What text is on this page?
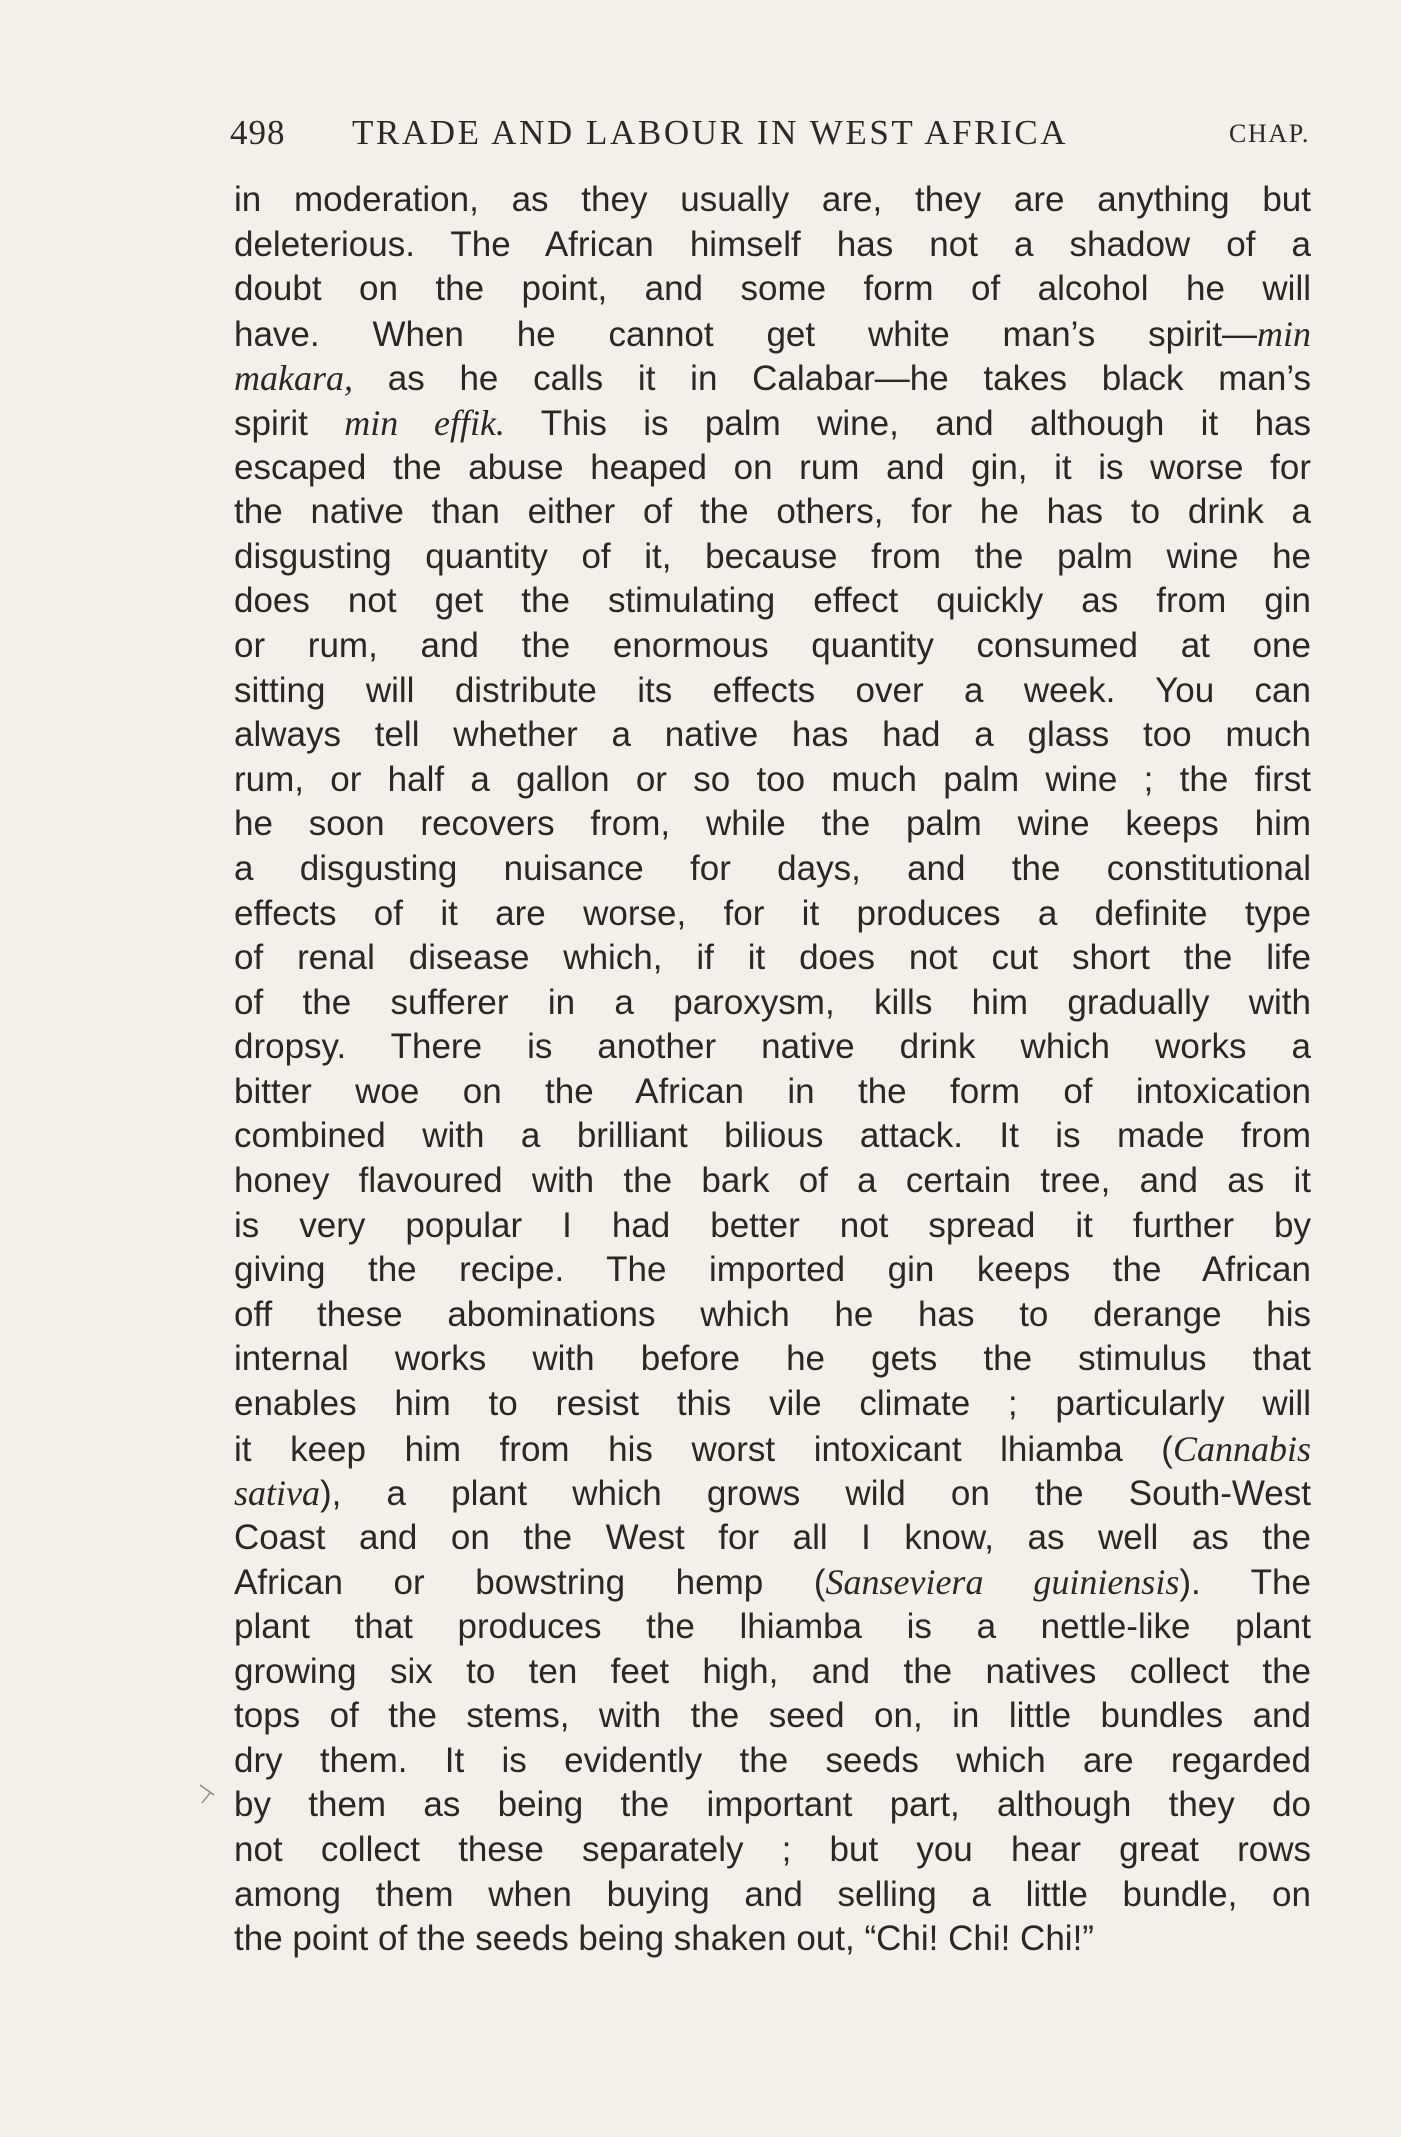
498 TRADE AND LABOUR IN WEST AFRICA	CHAP.
in moderation, as they usually are, they are anything but
deleterious. The African himself has not a shadow of a
doubt on the point, and some form of alcohol he will
have. When he cannot get white man’s spirit—min
makara, as he calls it in Calabar—he takes black man’s
spirit min effik. This is palm wine, and although it has
escaped the abuse heaped on rum and gin, it is worse for
the native than either of the others, for he has to drink a
disgusting quantity of it, because from the palm wine he
does not get the stimulating effect quickly as from gin
or rum, and the enormous quantity consumed at one
sitting will distribute its effects over a week. You can
always tell whether a native has had a glass too much
rum, or half a gallon or so too much palm wine ; the first
he soon recovers from, while the palm wine keeps him
a disgusting nuisance for days, and the constitutional
effects of it are worse, for it produces a definite type
of renal disease which, if it does not cut short the life
of the sufferer in a paroxysm, kills him gradually with
dropsy. There is another native drink which works a
bitter woe on the African in the form of intoxication
combined with a brilliant bilious attack. It is made from
honey flavoured with the bark of a certain tree, and as it
is very popular I had better not spread it further by
giving the recipe. The imported gin keeps the African
off these abominations which he has to derange his
internal works with before he gets the stimulus that
enables him to resist this vile climate ; particularly will
it keep him from his worst intoxicant lhiamba (Cannabis
sativa), a plant which grows wild on the South-West
Coast and on the West for all I know, as well as the
African or bowstring hemp (Sanseviera guiniensis). The
plant that produces the lhiamba is a nettle-like plant
growing six to ten feet high, and the natives collect the
tops of the stems, with the seed on, in little bundles and
dry them. It is evidently the seeds which are regarded
by them as being the important part, although they do
not collect these separately ; but you hear great rows
among them when buying and selling a little bundle, on
the point of the seeds being shaken out, “Chi! Chi! Chi!”
